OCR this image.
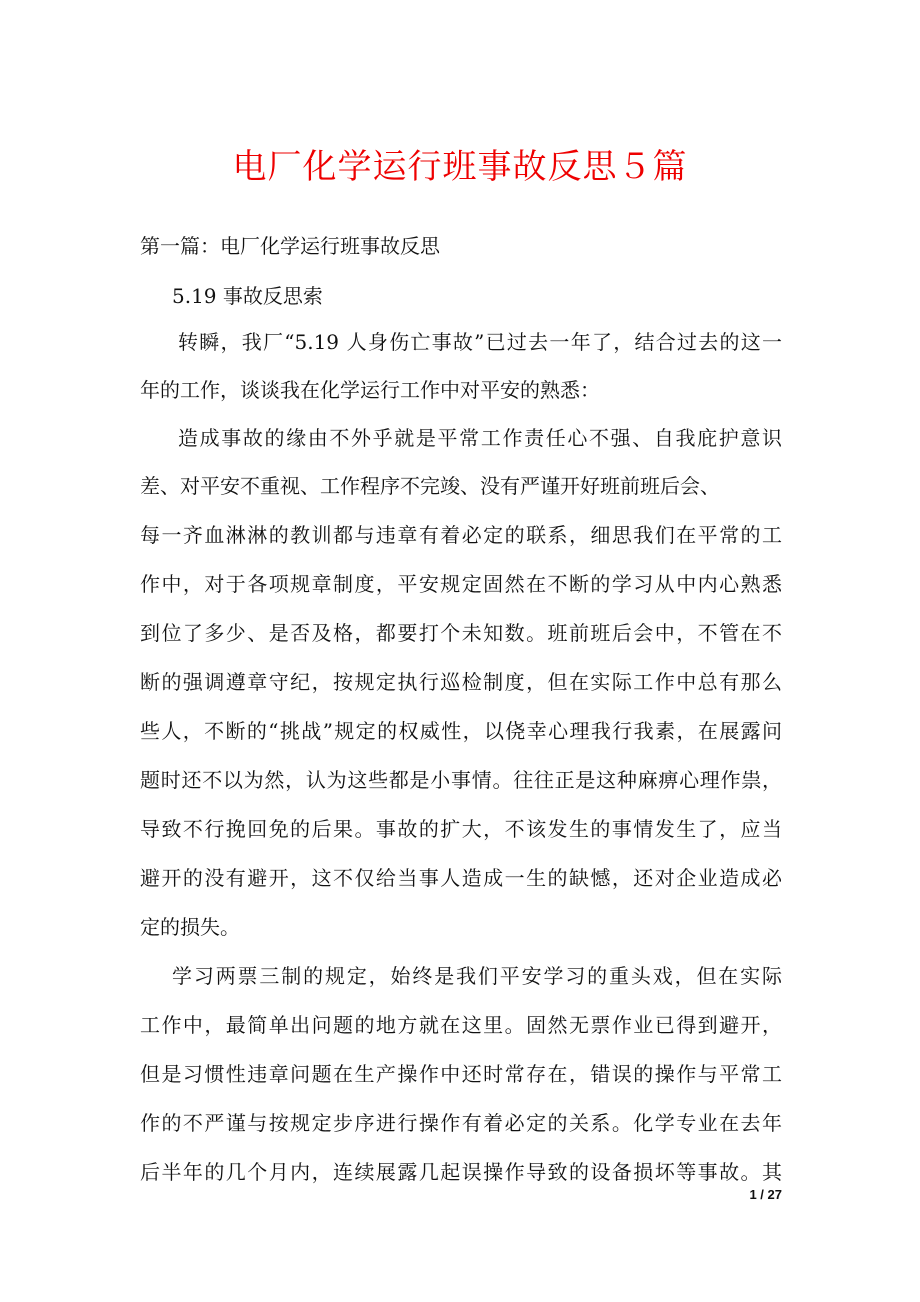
电厂化学运行班事故反思５篇
第一篇：电厂化学运行班事故反思
5.19 事故反思索
转瞬，我厂“5.19 人身伤亡事故”已过去一年了，结合过去的这一
年的工作，谈谈我在化学运行工作中对平安的熟悉：
造成事故的缘由不外乎就是平常工作责任心不强、自我庇护意识
差、对平安不重视、工作程序不完竣、没有严谨开好班前班后会、
每一齐血淋淋的教训都与违章有着必定的联系，细思我们在平常的工
作中，对于各项规章制度，平安规定固然在不断的学习从中内心熟悉
到位了多少、是否及格，都要打个未知数。班前班后会中，不管在不
断的强调遵章守纪，按规定执行巡检制度，但在实际工作中总有那么
些人，不断的“挑战”规定的权威性，以侥幸心理我行我素，在展露问
题时还不以为然，认为这些都是小事情。往往正是这种麻痹心理作祟，
导致不行挽回免的后果。事故的扩大，不该发生的事情发生了，应当
避开的没有避开，这不仅给当事人造成一生的缺憾，还对企业造成必
定的损失。
学习两票三制的规定，始终是我们平安学习的重头戏，但在实际
工作中，最简单出问题的地方就在这里。固然无票作业已得到避开，
但是习惯性违章问题在生产操作中还时常存在，错误的操作与平常工
作的不严谨与按规定步序进行操作有着必定的关系。化学专业在去年
后半年的几个月内，连续展露几起误操作导致的设备损坏等事故。其
1 / 27
